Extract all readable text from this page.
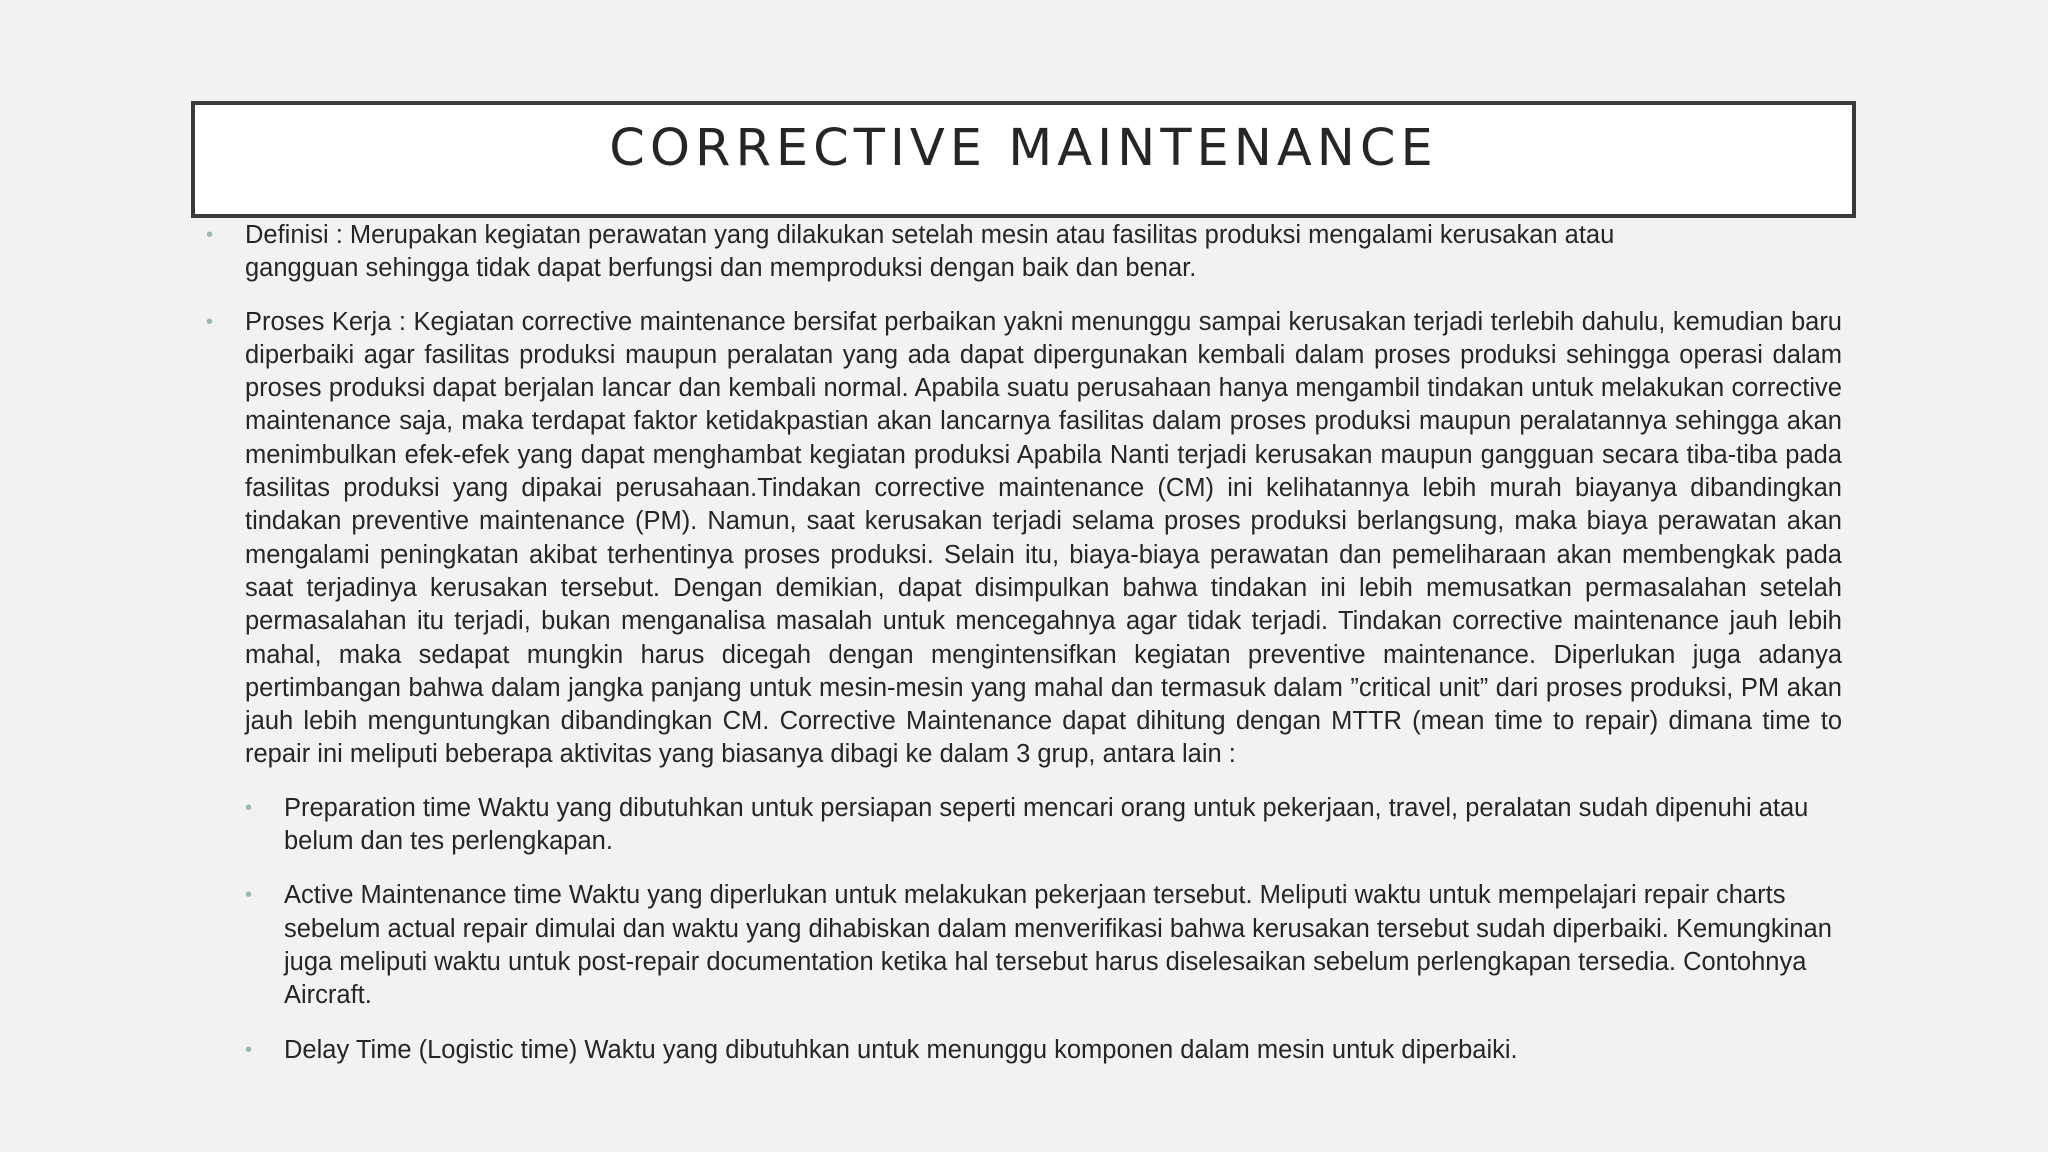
CORRECTIVE MAINTENANCE
• Definisi : Merupakan kegiatan perawatan yang dilakukan setelah mesin atau fasilitas produksi mengalami kerusakan atau gangguan sehingga tidak dapat berfungsi dan memproduksi dengan baik dan benar.
• Proses Kerja : Kegiatan corrective maintenance bersifat perbaikan yakni menunggu sampai kerusakan terjadi terlebih dahulu, kemudian baru diperbaiki agar fasilitas produksi maupun peralatan yang ada dapat dipergunakan kembali dalam proses produksi sehingga operasi dalam proses produksi dapat berjalan lancar dan kembali normal. Apabila suatu perusahaan hanya mengambil tindakan untuk melakukan corrective maintenance saja, maka terdapat faktor ketidakpastian akan lancarnya fasilitas dalam proses produksi maupun peralatannya sehingga akan menimbulkan efek-efek yang dapat menghambat kegiatan produksi Apabila Nanti terjadi kerusakan maupun gangguan secara tiba-tiba pada fasilitas produksi yang dipakai perusahaan.Tindakan corrective maintenance (CM) ini kelihatannya lebih murah biayanya dibandingkan tindakan preventive maintenance (PM). Namun, saat kerusakan terjadi selama proses produksi berlangsung, maka biaya perawatan akan mengalami peningkatan akibat terhentinya proses produksi. Selain itu, biaya-biaya perawatan dan pemeliharaan akan membengkak pada saat terjadinya kerusakan tersebut. Dengan demikian, dapat disimpulkan bahwa tindakan ini lebih memusatkan permasalahan setelah permasalahan itu terjadi, bukan menganalisa masalah untuk mencegahnya agar tidak terjadi. Tindakan corrective maintenance jauh lebih mahal, maka sedapat mungkin harus dicegah dengan mengintensifkan kegiatan preventive maintenance. Diperlukan juga adanya pertimbangan bahwa dalam jangka panjang untuk mesin-mesin yang mahal dan termasuk dalam ”critical unit” dari proses produksi, PM akan jauh lebih menguntungkan dibandingkan CM. Corrective Maintenance dapat dihitung dengan MTTR (mean time to repair) dimana time to repair ini meliputi beberapa aktivitas yang biasanya dibagi ke dalam 3 grup, antara lain :
• Preparation time Waktu yang dibutuhkan untuk persiapan seperti mencari orang untuk pekerjaan, travel, peralatan sudah dipenuhi atau belum dan tes perlengkapan.
• Active Maintenance time Waktu yang diperlukan untuk melakukan pekerjaan tersebut. Meliputi waktu untuk mempelajari repair charts sebelum actual repair dimulai dan waktu yang dihabiskan dalam menverifikasi bahwa kerusakan tersebut sudah diperbaiki. Kemungkinan juga meliputi waktu untuk post-repair documentation ketika hal tersebut harus diselesaikan sebelum perlengkapan tersedia. Contohnya Aircraft.
• Delay Time (Logistic time) Waktu yang dibutuhkan untuk menunggu komponen dalam mesin untuk diperbaiki.
